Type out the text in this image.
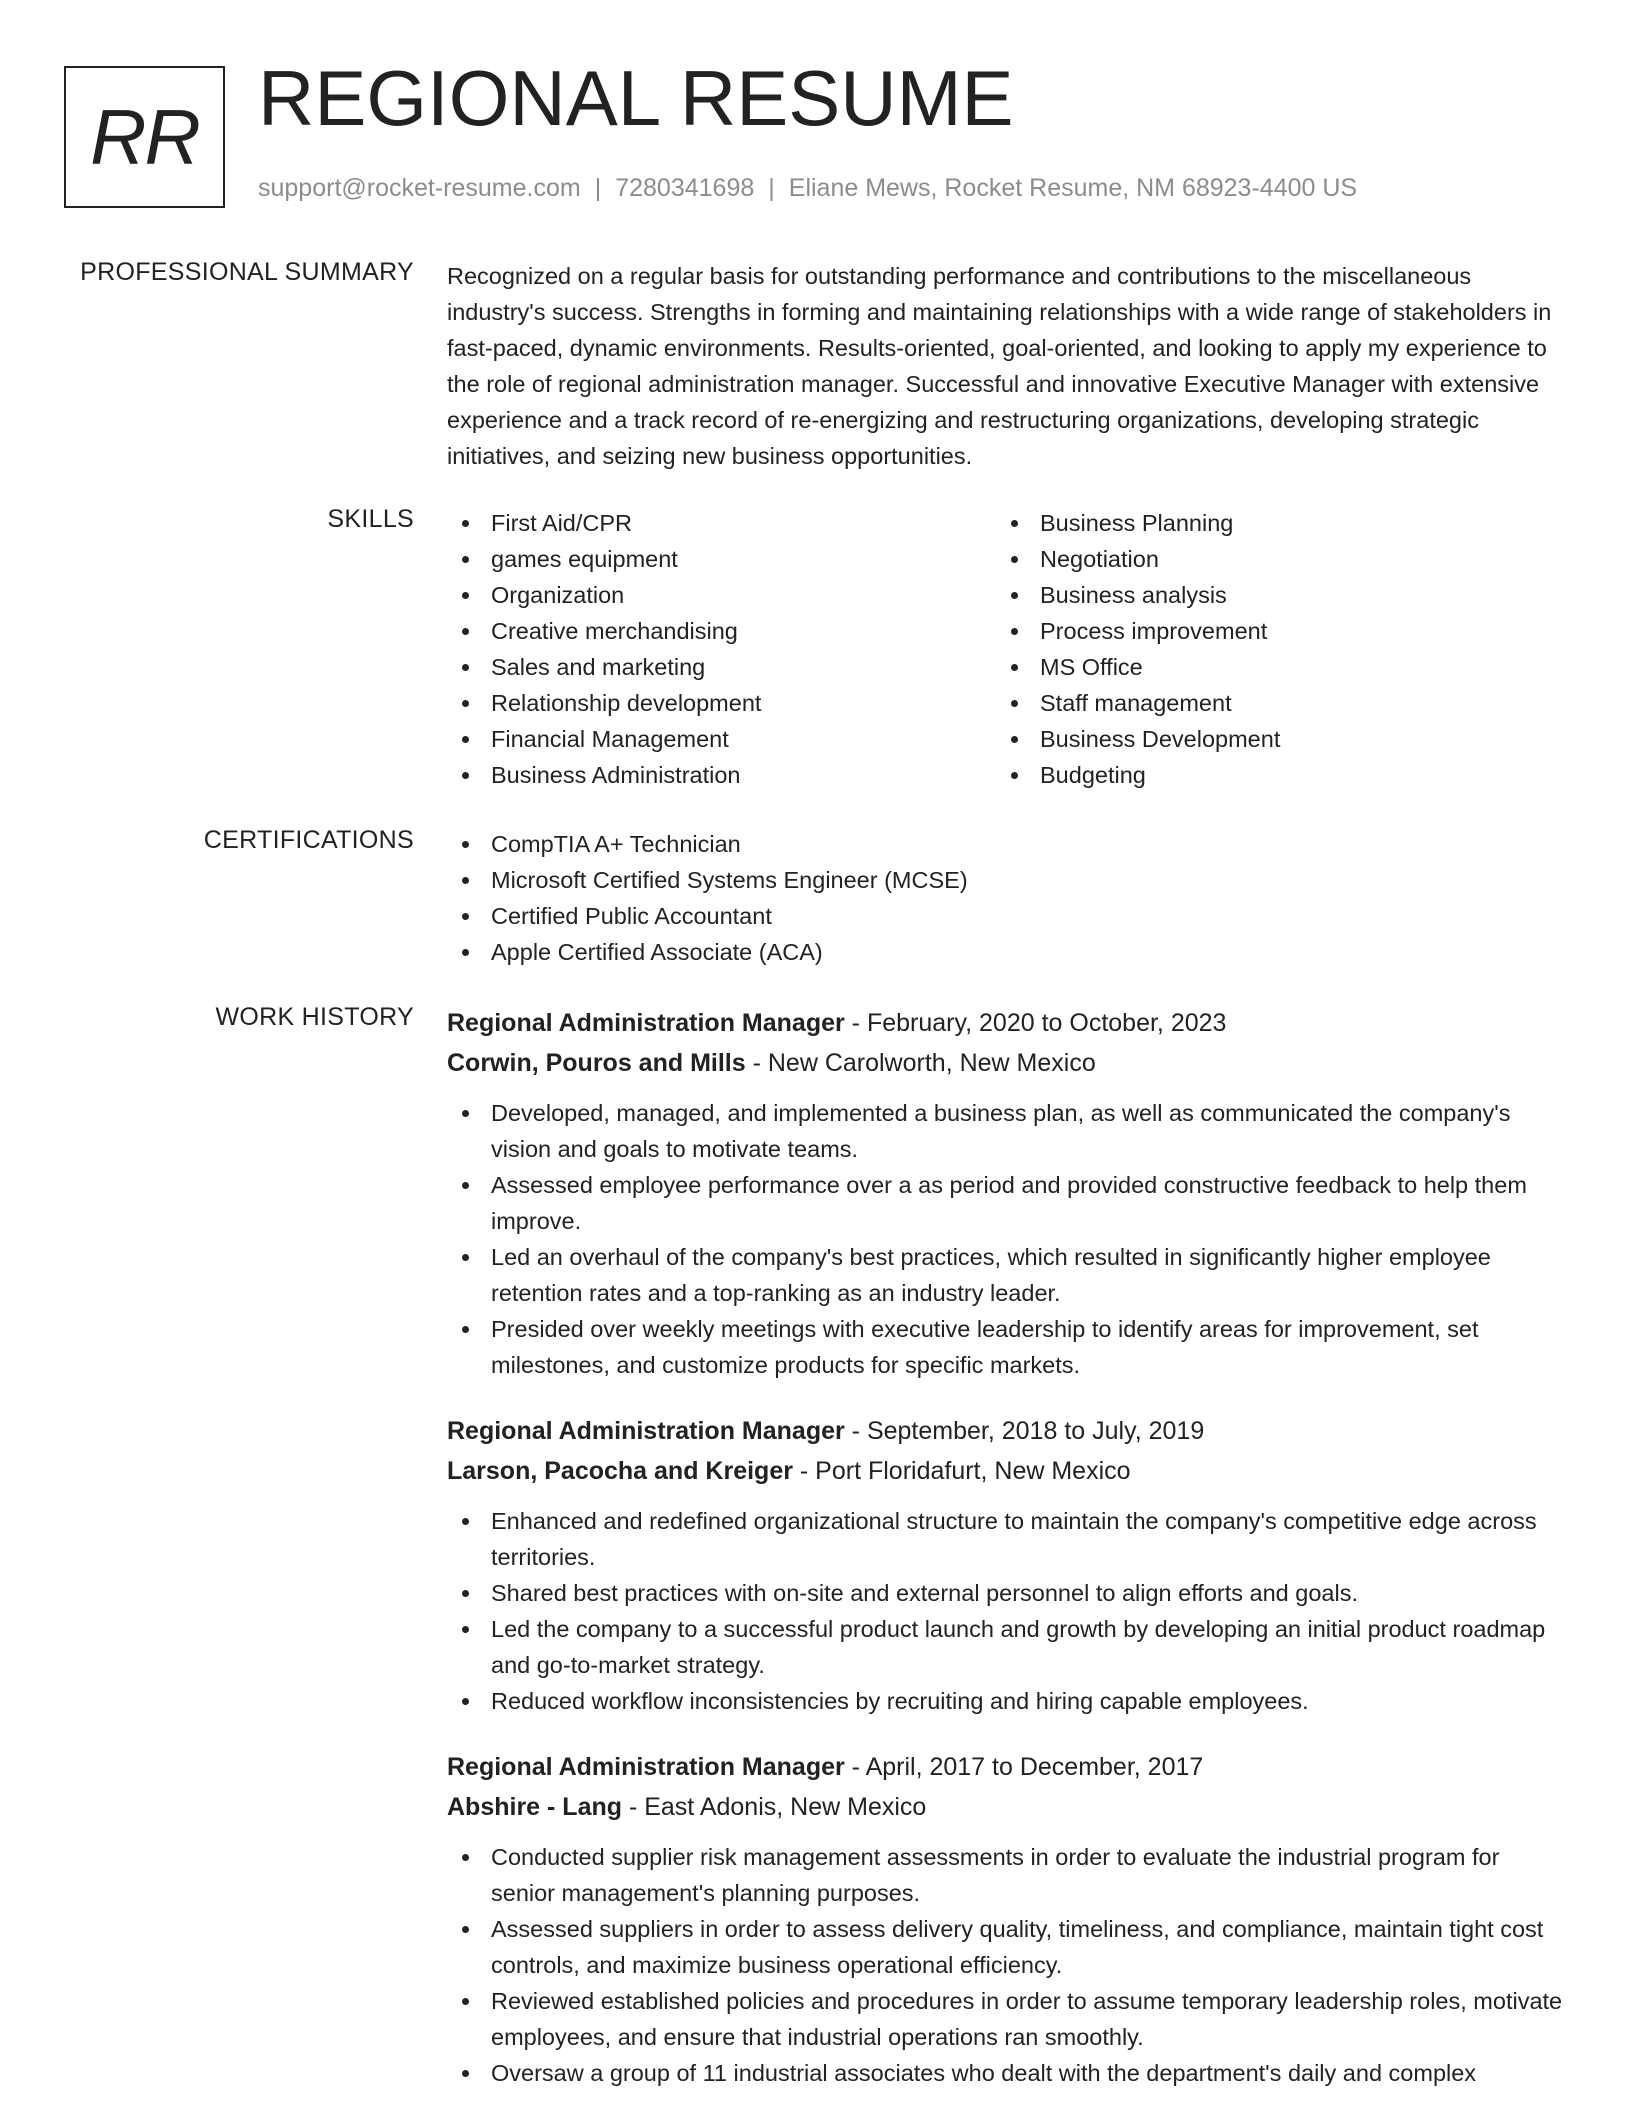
RR REGIONAL RESUME
support@rocket-resume.com | 7280341698 | Eliane Mews, Rocket Resume, NM 68923-4400 US
PROFESSIONAL SUMMARY Recognized on a regular basis for outstanding performance and contributions to the miscellaneous industry's success. Strengths in forming and maintaining relationships with a wide range of stakeholders in fast-paced, dynamic environments. Results-oriented, goal-oriented, and looking to apply my experience to the role of regional administration manager. Successful and innovative Executive Manager with extensive experience and a track record of re-energizing and restructuring organizations, developing strategic initiatives, and seizing new business opportunities.

SKILLS	First Aid/CPR
games equipment
Organization
Creative merchandising
Sales and marketing
Relationship development
Financial Management
Business Administration
Business Planning
Negotiation
Business analysis
Process improvement
MS Office
Staff management
Business Development
Budgeting
CERTIFICATIONS	CompTIA A+ Technician
Microsoft Certified Systems Engineer (MCSE)
Certified Public Accountant
Apple Certified Associate (ACA)
WORK HISTORY Regional Administration Manager - February, 2020 to October, 2023
Corwin, Pouros and Mills - New Carolworth, New Mexico
Developed, managed, and implemented a business plan, as well as communicated the company's vision and goals to motivate teams.
Assessed employee performance over a as period and provided constructive feedback to help them improve.
Led an overhaul of the company's best practices, which resulted in significantly higher employee retention rates and a top-ranking as an industry leader.
Presided over weekly meetings with executive leadership to identify areas for improvement, set milestones, and customize products for specific markets.
Regional Administration Manager - September, 2018 to July, 2019
Larson, Pacocha and Kreiger - Port Floridafurt, New Mexico
Enhanced and redefined organizational structure to maintain the company's competitive edge across territories.
Shared best practices with on-site and external personnel to align efforts and goals.
Led the company to a successful product launch and growth by developing an initial product roadmap and go-to-market strategy.
Reduced workflow inconsistencies by recruiting and hiring capable employees.
Regional Administration Manager - April, 2017 to December, 2017
Abshire - Lang - East Adonis, New Mexico
Conducted supplier risk management assessments in order to evaluate the industrial program for senior management's planning purposes.
Assessed suppliers in order to assess delivery quality, timeliness, and compliance, maintain tight cost controls, and maximize business operational efficiency.
Reviewed established policies and procedures in order to assume temporary leadership roles, motivate employees, and ensure that industrial operations ran smoothly.
Oversaw a group of 11 industrial associates who dealt with the department's daily and complex
